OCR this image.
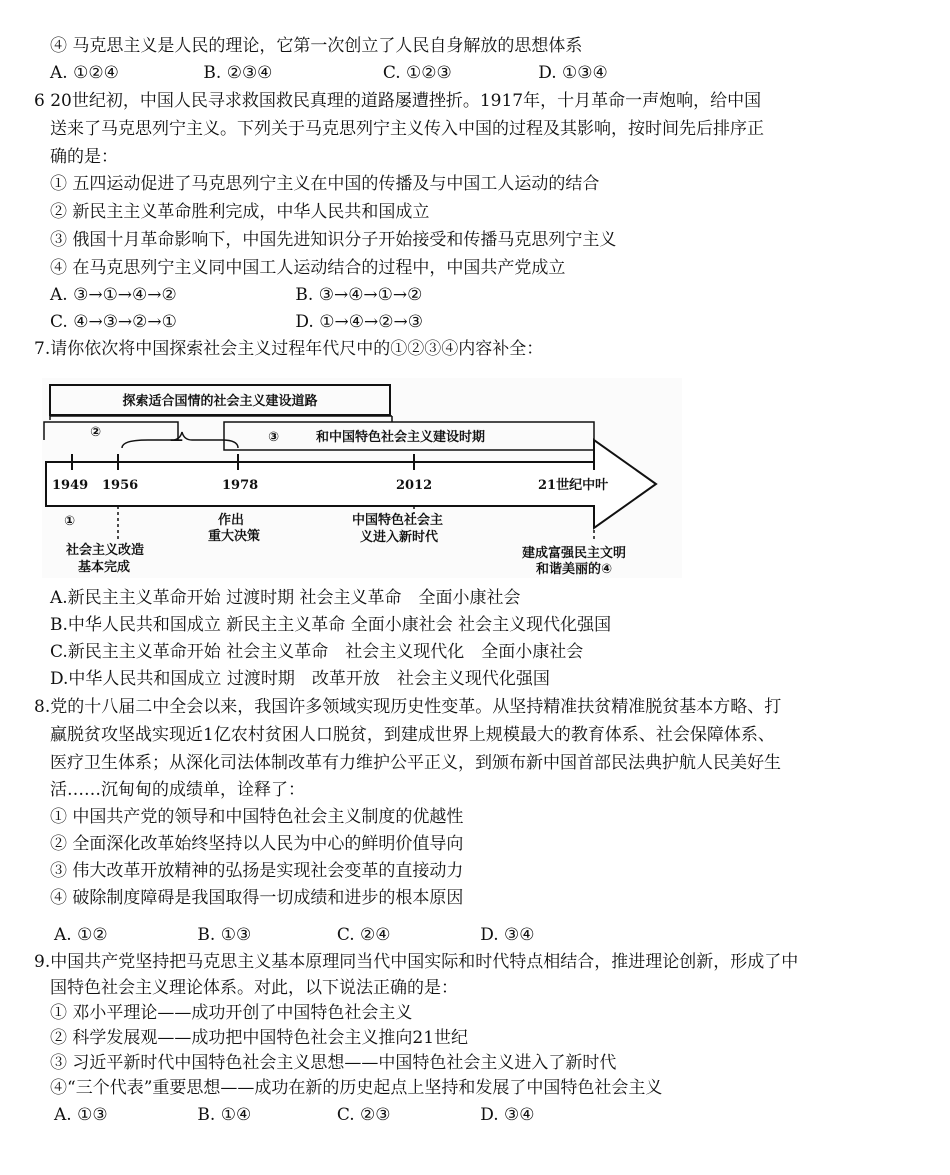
④ 马克思主义是人民的理论，它第一次创立了人民自身解放的思想体系
A. ①②④	B. ②③④	C. ①②③	D. ①③④
6 20世纪初，中国人民寻求救国救民真理的道路屡遭挫折。1917年，十月革命一声炮响，给中国
送来了马克思列宁主义。下列关于马克思列宁主义传入中国的过程及其影响，按时间先后排序正
确的是：
① 五四运动促进了马克思列宁主义在中国的传播及与中国工人运动的结合
② 新民主主义革命胜利完成，中华人民共和国成立
③ 俄国十月革命影响下，中国先进知识分子开始接受和传播马克思列宁主义
④ 在马克思列宁主义同中国工人运动结合的过程中，中国共产党成立
A. ③→①→④→②	B. ③→④→①→②
C. ④→③→②→①	D. ①→④→②→③
7.请你依次将中国探索社会主义过程年代尺中的①②③④内容补全：
探索适合国情的社会主义建设道路
②
—	③	和中国特色社会主义建设时期
1949 1956	1978	2012	21世纪中叶
①
社会主义改造
基本完成
作出
重大决策
中国特色社会主
义进入新时代
建成富强民主文明
和谐美丽的④
A.新民主主义革命开始 过渡时期 社会主义革命　全面小康社会
B.中华人民共和国成立 新民主主义革命 全面小康社会 社会主义现代化强国
C.新民主主义革命开始 社会主义革命　社会主义现代化　全面小康社会
D.中华人民共和国成立 过渡时期　改革开放　社会主义现代化强国
8.党的十八届二中全会以来，我国许多领域实现历史性变革。从坚持精准扶贫精准脱贫基本方略、打
赢脱贫攻坚战实现近1亿农村贫困人口脱贫，到建成世界上规模最大的教育体系、社会保障体系、
医疗卫生体系；从深化司法体制改革有力维护公平正义，到颁布新中国首部民法典护航人民美好生
活……沉甸甸的成绩单，诠释了：
① 中国共产党的领导和中国特色社会主义制度的优越性
② 全面深化改革始终坚持以人民为中心的鲜明价值导向
③ 伟大改革开放精神的弘扬是实现社会变革的直接动力
④ 破除制度障碍是我国取得一切成绩和进步的根本原因
A. ①②	B. ①③	C. ②④	D. ③④
9.中国共产党坚持把马克思主义基本原理同当代中国实际和时代特点相结合，推进理论创新，形成了中
国特色社会主义理论体系。对此，以下说法正确的是：
① 邓小平理论——成功开创了中国特色社会主义
② 科学发展观——成功把中国特色社会主义推向21世纪
③ 习近平新时代中国特色社会主义思想——中国特色社会主义进入了新时代
④“三个代表”重要思想——成功在新的历史起点上坚持和发展了中国特色社会主义
A. ①③	B. ①④	C. ②③	D. ③④
